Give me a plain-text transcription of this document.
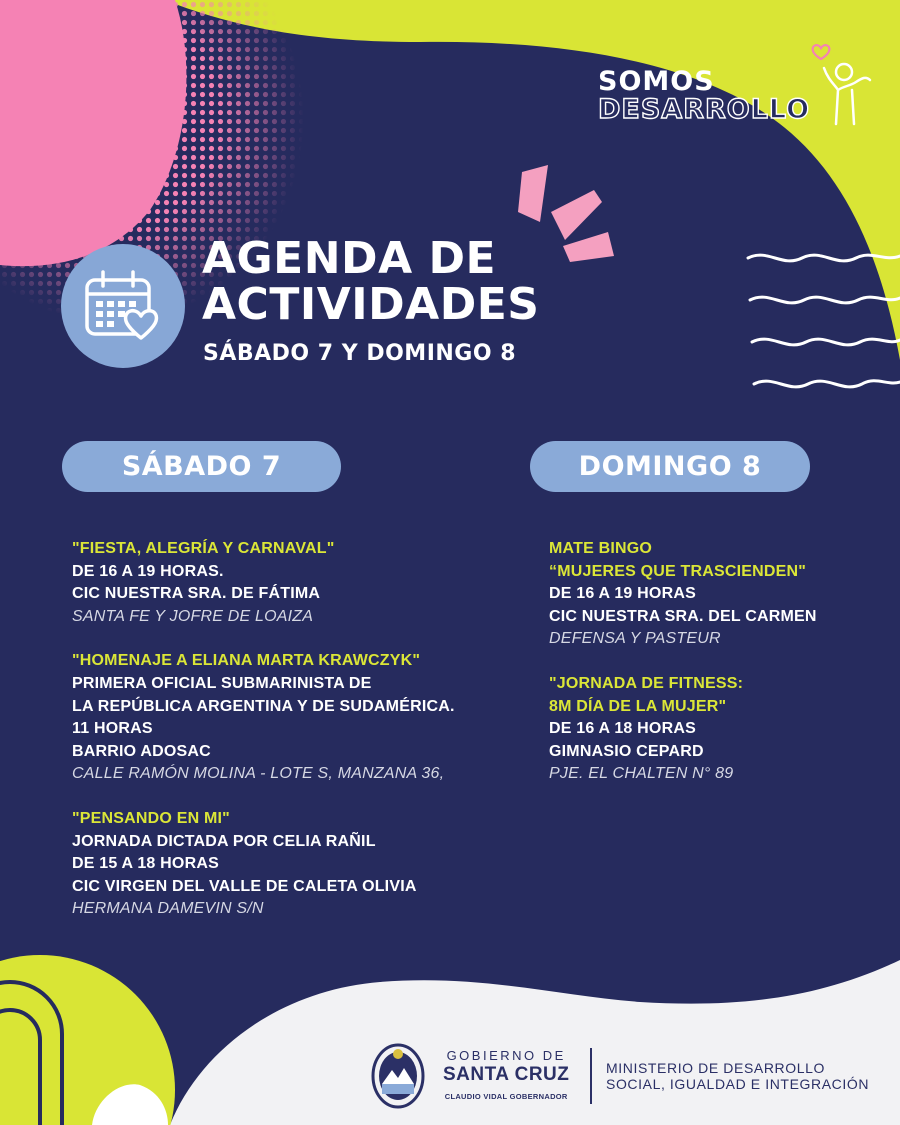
SOMOS
DESARROLLO
AGENDA DE
ACTIVIDADES
SÁBADO 7 Y DOMINGO 8
SÁBADO 7	DOMINGO 8
"FIESTA, ALEGRÍA Y CARNAVAL"
DE 16 A 19 HORAS.
CIC NUESTRA SRA. DE FÁTIMA
SANTA FE Y JOFRE DE LOAIZA
"HOMENAJE A ELIANA MARTA KRAWCZYK"
PRIMERA OFICIAL SUBMARINISTA DE
LA REPÚBLICA ARGENTINA Y DE SUDAMÉRICA.
11 HORAS
BARRIO ADOSAC
CALLE RAMÓN MOLINA - LOTE S, MANZANA 36,
"PENSANDO EN MI"
JORNADA DICTADA POR CELIA RAÑIL
DE 15 A 18 HORAS
CIC VIRGEN DEL VALLE DE CALETA OLIVIA
HERMANA DAMEVIN S/N
MATE BINGO
“MUJERES QUE TRASCIENDEN"
DE 16 A 19 HORAS
CIC NUESTRA SRA. DEL CARMEN
DEFENSA Y PASTEUR
"JORNADA DE FITNESS:
8M DÍA DE LA MUJER"
DE 16 A 18 HORAS
GIMNASIO CEPARD
PJE. EL CHALTEN N° 89
GOBIERNO DE
SANTA CRUZ
CLAUDIO VIDAL GOBERNADOR
MINISTERIO DE DESARROLLO
SOCIAL, IGUALDAD E INTEGRACIÓN
